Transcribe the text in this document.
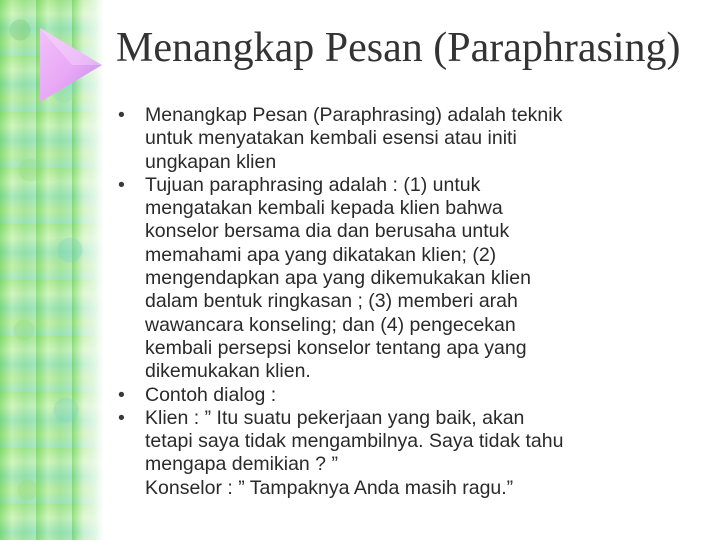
Menangkap Pesan (Paraphrasing)
•	Menangkap Pesan (Paraphrasing) adalah teknik
untuk menyatakan kembali esensi atau initi
ungkapan klien
•	Tujuan paraphrasing adalah : (1) untuk
mengatakan kembali kepada klien bahwa
konselor bersama dia dan berusaha untuk
memahami apa yang dikatakan klien; (2)
mengendapkan apa yang dikemukakan klien
dalam bentuk ringkasan ; (3) memberi arah
wawancara konseling; dan (4) pengecekan
kembali persepsi konselor tentang apa yang
dikemukakan klien.
•	Contoh dialog :
•	Klien : ” Itu suatu pekerjaan yang baik, akan
tetapi saya tidak mengambilnya. Saya tidak tahu
mengapa demikian ? ”
Konselor : ” Tampaknya Anda masih ragu.”
